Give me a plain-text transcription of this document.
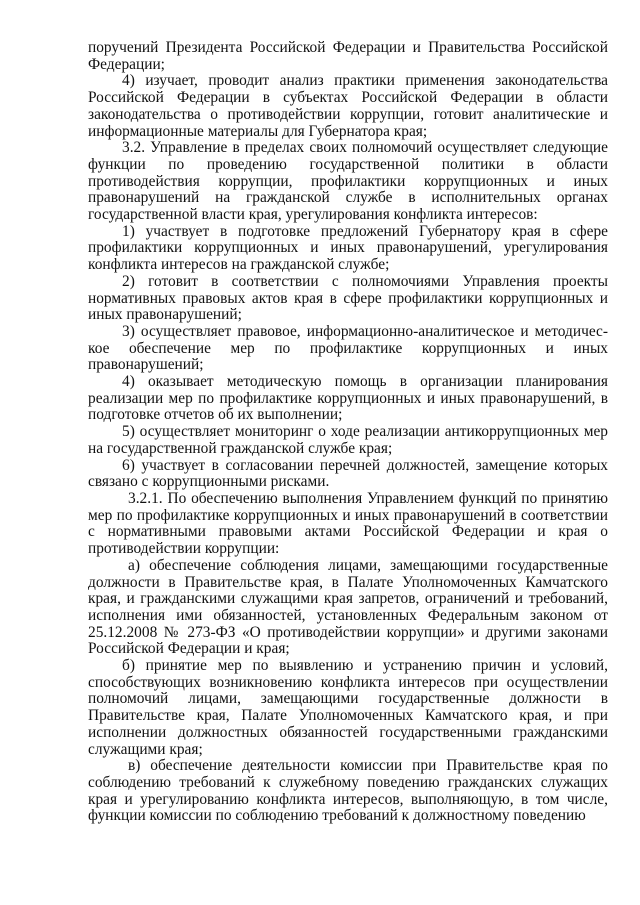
поручений Президента Российской Федерации и Правительства Российской Федерации;

4) изучает, проводит анализ практики применения законодательства Российской Федерации в субъектах Российской Федерации в области законодательства о противодействии коррупции, готовит аналитические и информационные материалы для Губернатора края;

3.2. Управление в пределах своих полномочий осуществляет следующие функции по проведению государственной политики в области противодействия коррупции, профилактики коррупционных и иных правонарушений на гражданской службе в исполнительных органах государственной власти края, урегулирования конфликта интересов:

1) участвует в подготовке предложений Губернатору края в сфере профилактики коррупционных и иных правонарушений, урегулирования конфликта интересов на гражданской службе;

2) готовит в соответствии с полномочиями Управления проекты нормативных правовых актов края в сфере профилактики коррупционных и иных правонарушений;

3) осуществляет правовое, информационно-аналитическое и методичес-кое обеспечение мер по профилактике коррупционных и иных правонарушений;

4) оказывает методическую помощь в организации планирования реализации мер по профилактике коррупционных и иных правонарушений, в подготовке отчетов об их выполнении;

5) осуществляет мониторинг о ходе реализации антикоррупционных мер на государственной гражданской службе края;

6) участвует в согласовании перечней должностей, замещение которых связано с коррупционными рисками.

3.2.1. По обеспечению выполнения Управлением функций по принятию мер по профилактике коррупционных и иных правонарушений в соответствии с нормативными правовыми актами Российской Федерации и края о противодействии коррупции:

а) обеспечение соблюдения лицами, замещающими государственные должности в Правительстве края, в Палате Уполномоченных Камчатского края, и гражданскими служащими края запретов, ограничений и требований, исполнения ими обязанностей, установленных Федеральным законом от 25.12.2008 № 273-ФЗ «О противодействии коррупции» и другими законами Российской Федерации и края;

б) принятие мер по выявлению и устранению причин и условий, способствующих возникновению конфликта интересов при осуществлении полномочий лицами, замещающими государственные должности в Правительстве края, Палате Уполномоченных Камчатского края, и при исполнении должностных обязанностей государственными гражданскими служащими края;

в) обеспечение деятельности комиссии при Правительстве края по соблюдению требований к служебному поведению гражданских служащих края и урегулированию конфликта интересов, выполняющую, в том числе, функции комиссии по соблюдению требований к должностному поведению
